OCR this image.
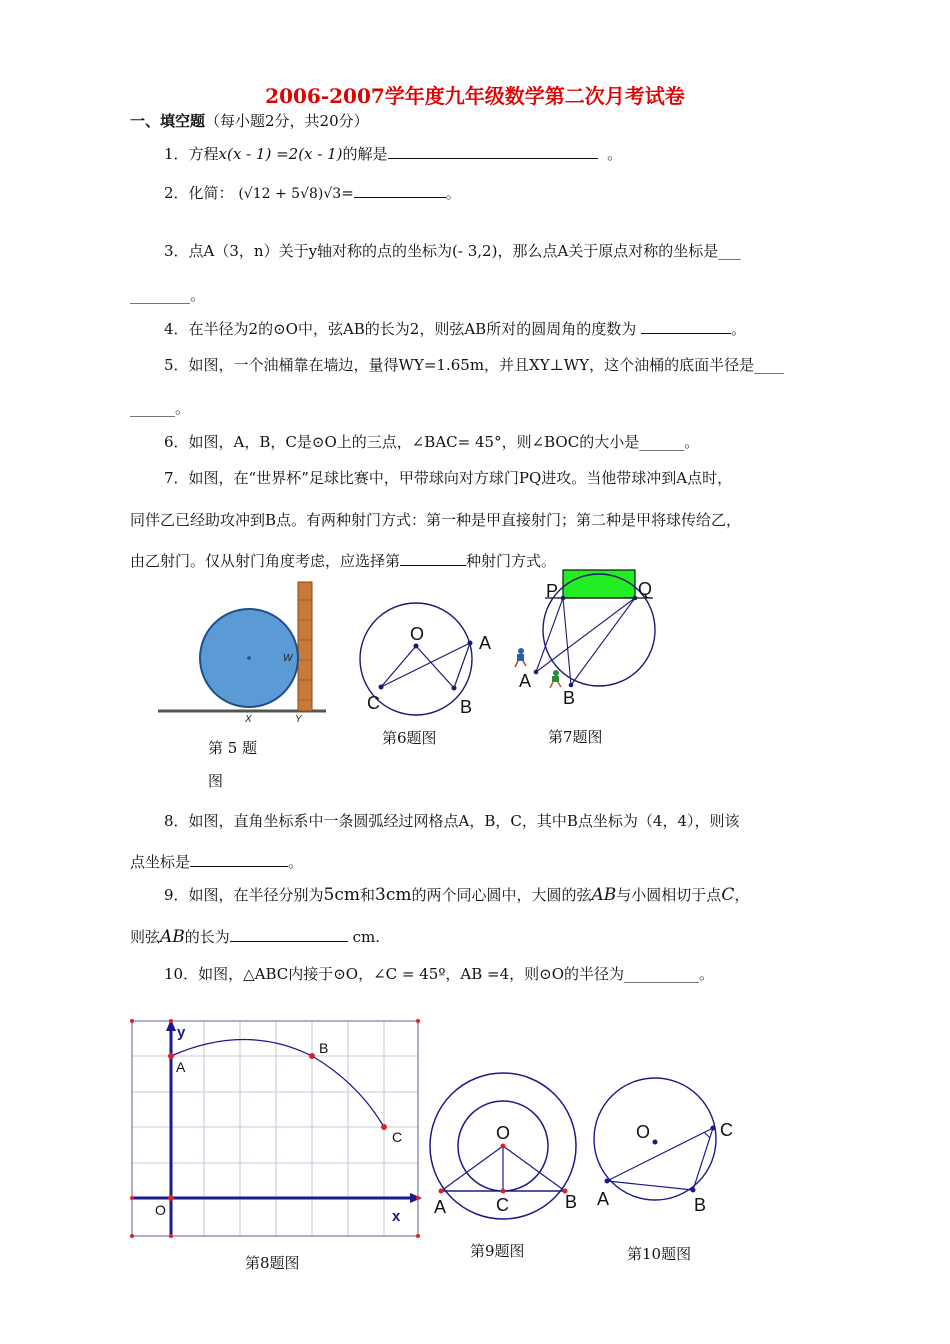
2006-2007学年度九年级数学第二次月考试卷
一、填空题（每小题2分，共20分）
1．方程x(x - 1) =2(x - 1)的解是	。
2．化简： (√12 + 5√8)√3=	。
3．点A（3，n）关于y轴对称的点的坐标为(- 3,2)，那么点A关于原点对称的坐标是___
________。
4．在半径为2的⊙O中，弦AB的长为2，则弦AB所对的圆周角的度数为	。
5．如图，一个油桶靠在墙边，量得WY=1.65m，并且XY⊥WY，这个油桶的底面半径是____
______。
6．如图，A，B，C是⊙O上的三点，∠BAC= 45°，则∠BOC的大小是______。
7．如图，在“世界杯”足球比赛中，甲带球向对方球门PQ进攻。当他带球冲到A点时，
同伴乙已经助攻冲到B点。有两种射门方式：第一种是甲直接射门；第二种是甲将球传给乙，
由乙射门。仅从射门角度考虑，应选择第	种射门方式。
W
X	Y
第 5 题
图
O	A
B
C
第6题图
P	Q
A
B
第7题图
8．如图，直角坐标系中一条圆弧经过网格点A，B，C，其中B点坐标为（4，4），则该
点坐标是	。
9．如图，在半径分别为5cm和3cm的两个同心圆中，大圆的弦AB与小圆相切于点C，
则弦AB的长为	cm.
10．如图，△ABC内接于⊙O，∠C = 45º，AB =4，则⊙O的半径为__________。
y
x
O
A
B
C
第8题图
O
A	B
C
第9题图
O	C
A	B
第10题图
